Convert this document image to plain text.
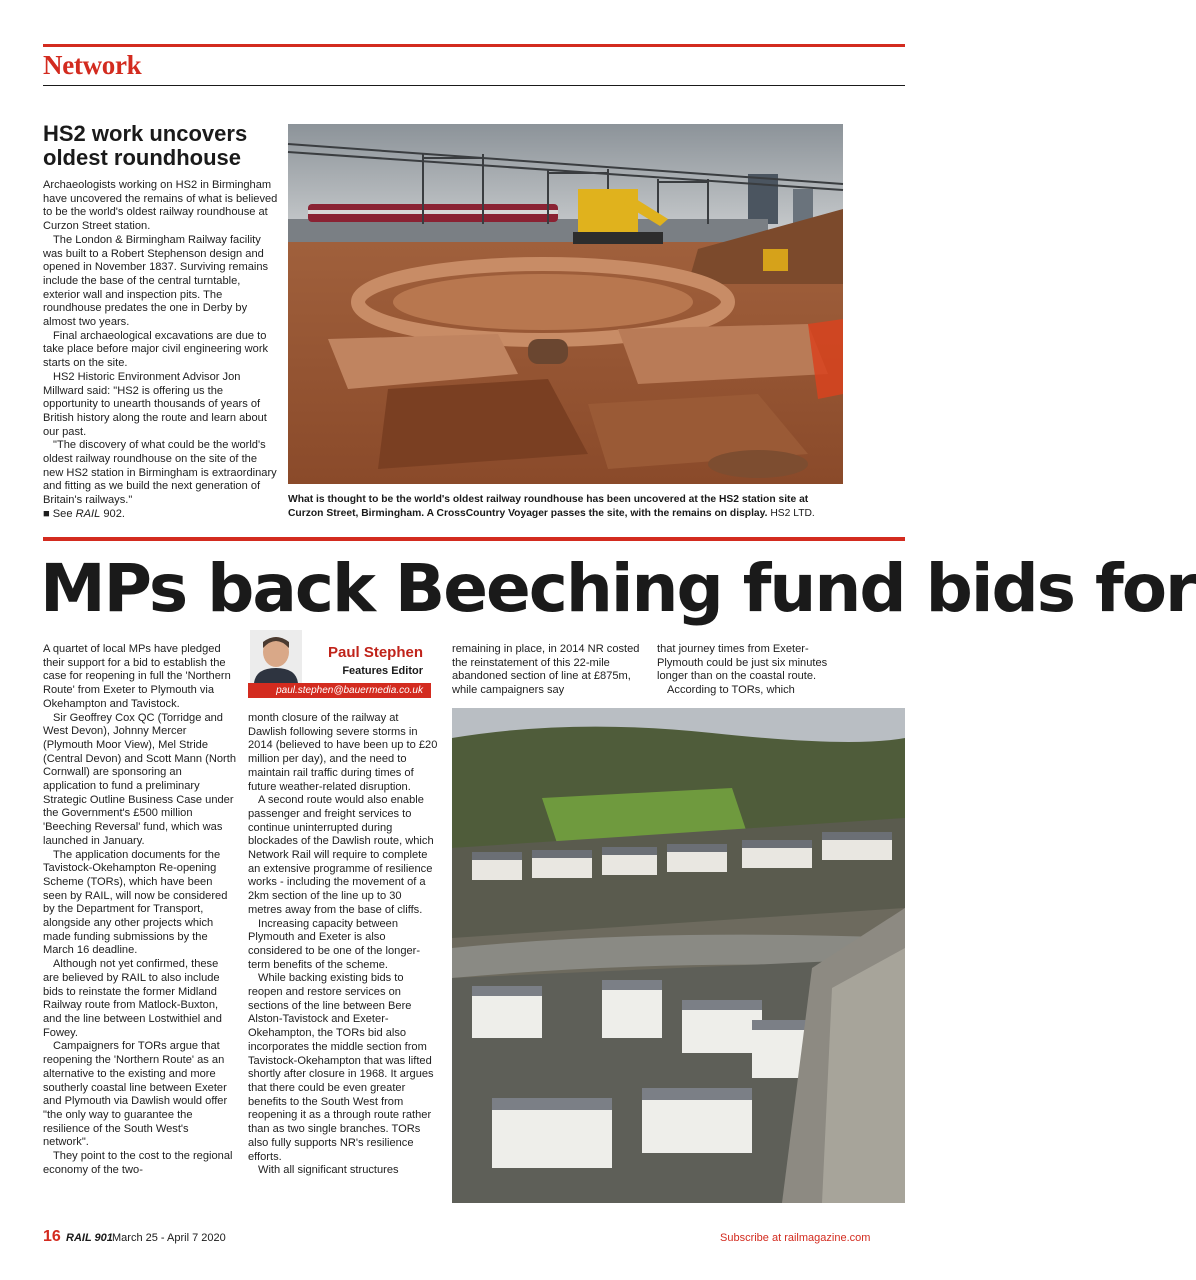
Network
HS2 work uncovers oldest roundhouse

Archaeologists working on HS2 in Birmingham have uncovered the remains of what is believed to be the world's oldest railway roundhouse at Curzon Street station.

The London & Birmingham Railway facility was built to a Robert Stephenson design and opened in November 1837. Surviving remains include the base of the central turntable, exterior wall and inspection pits. The roundhouse predates the one in Derby by almost two years.

Final archaeological excavations are due to take place before major civil engineering work starts on the site.

HS2 Historic Environment Advisor Jon Millward said: "HS2 is offering us the opportunity to unearth thousands of years of British history along the route and learn about our past.

"The discovery of what could be the world's oldest railway roundhouse on the site of the new HS2 station in Birmingham is extraordinary and fitting as we build the next generation of Britain's railways."

■ See RAIL 902.

What is thought to be the world's oldest railway roundhouse has been uncovered at the HS2 station site at Curzon Street, Birmingham. A CrossCountry Voyager passes the site, with the remains on display. HS2 LTD.
MPs back Beeching fund bids for

A quartet of local MPs have pledged their support for a bid to establish the case for reopening in full the 'Northern Route' from Exeter to Plymouth via Okehampton and Tavistock.

Sir Geoffrey Cox QC (Torridge and West Devon), Johnny Mercer (Plymouth Moor View), Mel Stride (Central Devon) and Scott Mann (North Cornwall) are sponsoring an application to fund a preliminary Strategic Outline Business Case under the Government's £500 million 'Beeching Reversal' fund, which was launched in January.

The application documents for the Tavistock-Okehampton Re-opening Scheme (TORs), which have been seen by RAIL, will now be considered by the Department for Transport, alongside any other projects which made funding submissions by the March 16 deadline.

Although not yet confirmed, these are believed by RAIL to also include bids to reinstate the former Midland Railway route from Matlock-Buxton, and the line between Lostwithiel and Fowey.

Campaigners for TORs argue that reopening the 'Northern Route' as an alternative to the existing and more southerly coastal line between Exeter and Plymouth via Dawlish would offer "the only way to guarantee the resilience of the South West's network".

They point to the cost to the regional economy of the two-

Paul Stephen
Features Editor
paul.stephen@bauermedia.co.uk

month closure of the railway at Dawlish following severe storms in 2014 (believed to have been up to £20 million per day), and the need to maintain rail traffic during times of future weather-related disruption.

A second route would also enable passenger and freight services to continue uninterrupted during blockades of the Dawlish route, which Network Rail will require to complete an extensive programme of resilience works - including the movement of a 2km section of the line up to 30 metres away from the base of cliffs.

Increasing capacity between Plymouth and Exeter is also considered to be one of the longer-term benefits of the scheme.

While backing existing bids to reopen and restore services on sections of the line between Bere Alston-Tavistock and Exeter-Okehampton, the TORs bid also incorporates the middle section from Tavistock-Okehampton that was lifted shortly after closure in 1968. It argues that there could be even greater benefits to the South West from reopening it as a through route rather than as two single branches. TORs also fully supports NR's resilience efforts.

With all significant structures

remaining in place, in 2014 NR costed the reinstatement of this 22-mile abandoned section of line at £875m, while campaigners say

that journey times from Exeter-Plymouth could be just six minutes longer than on the coastal route.

According to TORs, which

16 RAIL 901 March 25 - April 7 2020	Subscribe at railmagazine.com
